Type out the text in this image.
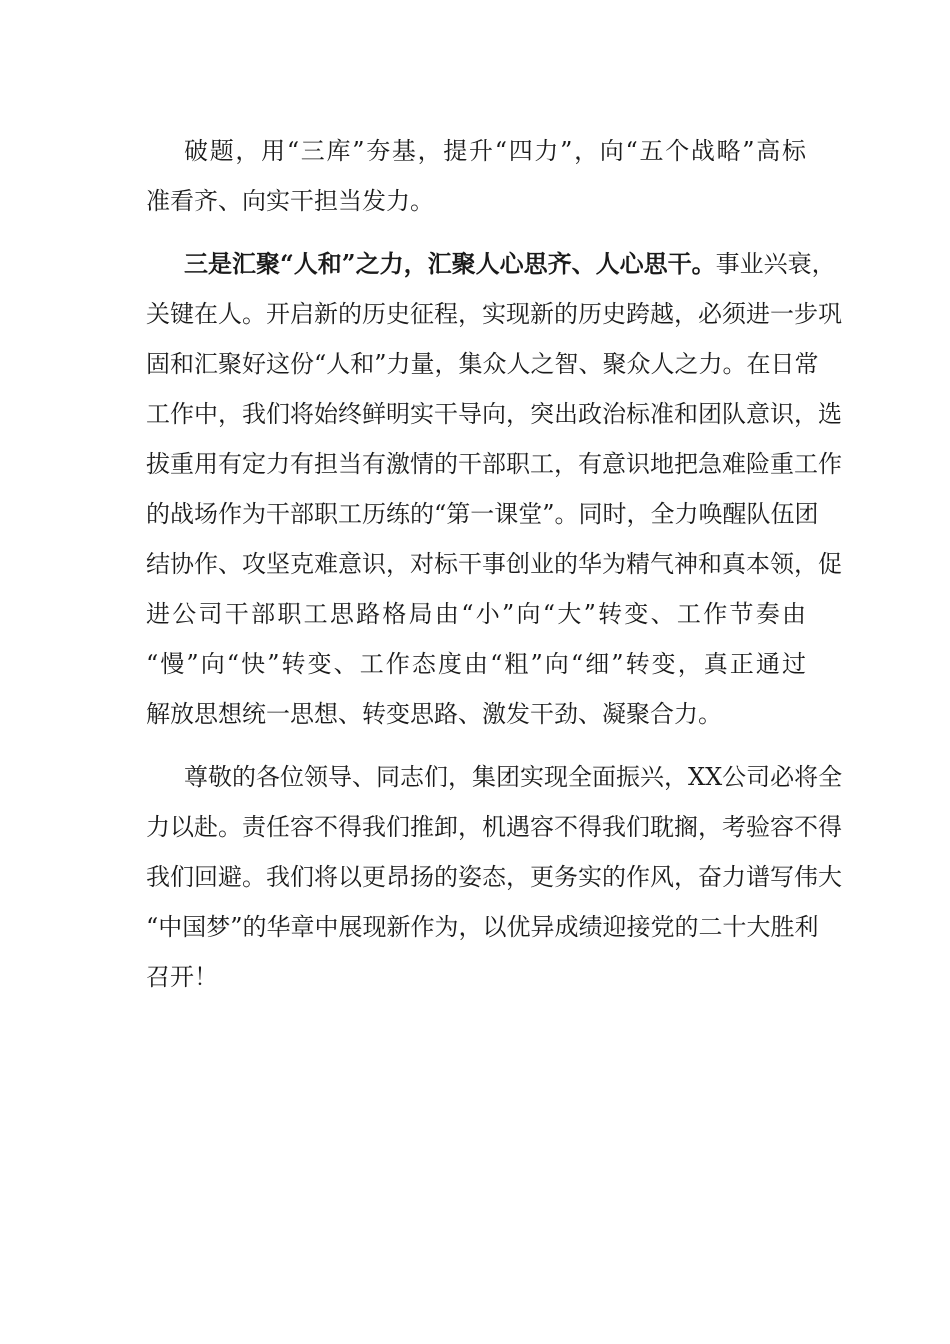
破题，用“三库”夯基，提升“四力”，向“五个战略”高标
准看齐、向实干担当发力。
三是汇聚“人和”之力，汇聚人心思齐、人心思干。事业兴衰，
关键在人。开启新的历史征程，实现新的历史跨越，必须进一步巩
固和汇聚好这份“人和”力量，集众人之智、聚众人之力。在日常
工作中，我们将始终鲜明实干导向，突出政治标准和团队意识，选
拔重用有定力有担当有激情的干部职工，有意识地把急难险重工作
的战场作为干部职工历练的“第一课堂”。同时，全力唤醒队伍团
结协作、攻坚克难意识，对标干事创业的华为精气神和真本领，促
进公司干部职工思路格局由“小”向“大”转变、工作节奏由
“慢”向“快”转变、工作态度由“粗”向“细”转变，真正通过
解放思想统一思想、转变思路、激发干劲、凝聚合力。
尊敬的各位领导、同志们，集团实现全面振兴，XX公司必将全
力以赴。责任容不得我们推卸，机遇容不得我们耽搁，考验容不得
我们回避。我们将以更昂扬的姿态，更务实的作风，奋力谱写伟大
“中国梦”的华章中展现新作为，以优异成绩迎接党的二十大胜利
召开！
